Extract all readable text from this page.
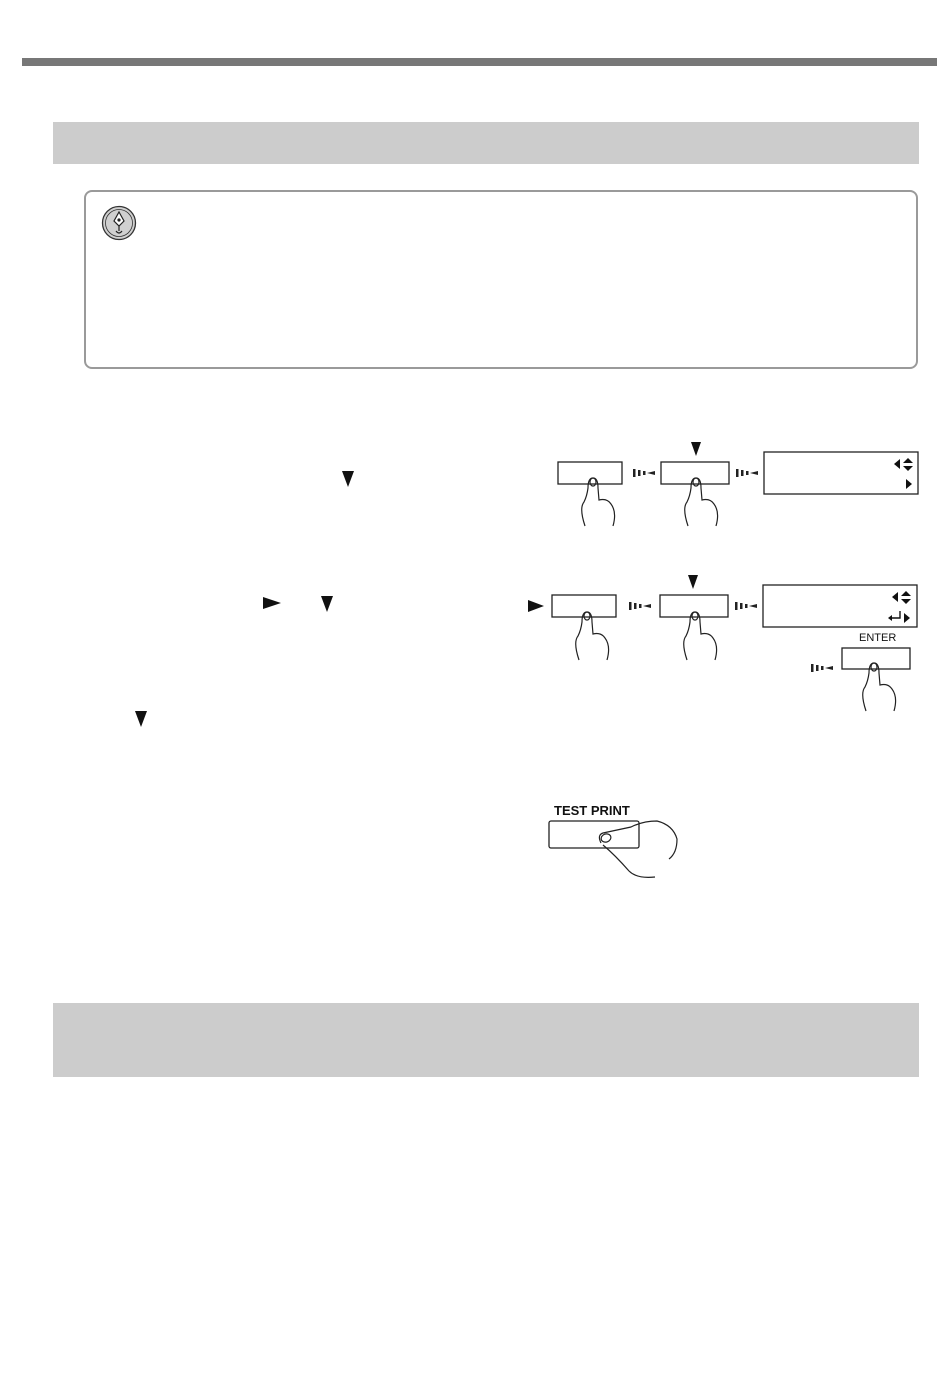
ENTER
TEST PRINT
